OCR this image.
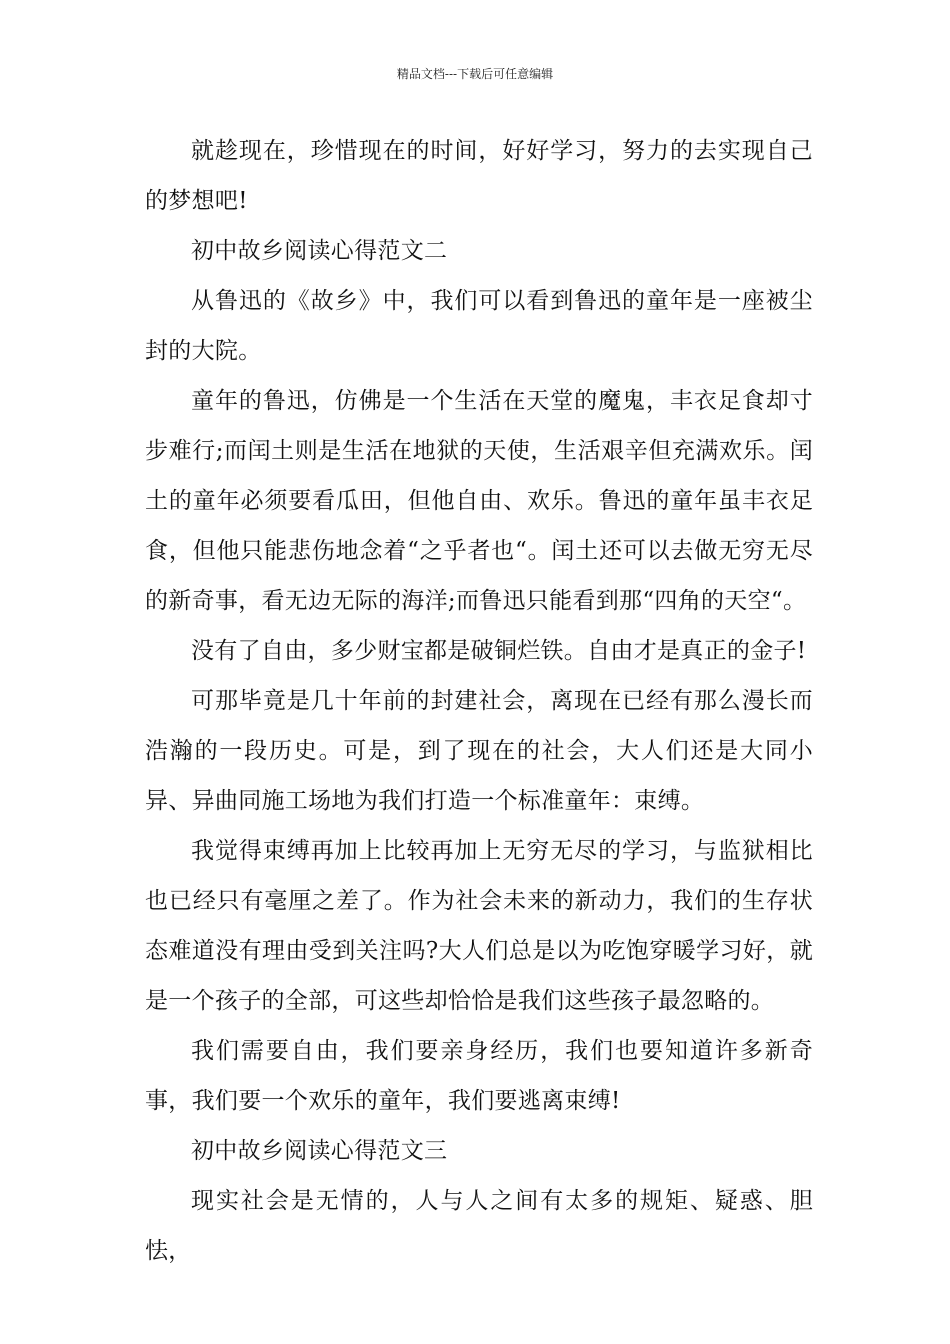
精品文档---下载后可任意编辑

就趁现在，珍惜现在的时间，好好学习，努力的去实现自己的梦想吧!

初中故乡阅读心得范文二

从鲁迅的《故乡》中，我们可以看到鲁迅的童年是一座被尘封的大院。

童年的鲁迅，仿佛是一个生活在天堂的魔鬼，丰衣足食却寸步难行;而闰土则是生活在地狱的天使，生活艰辛但充满欢乐。闰土的童年必须要看瓜田，但他自由、欢乐。鲁迅的童年虽丰衣足食，但他只能悲伤地念着“之乎者也“。闰土还可以去做无穷无尽的新奇事，看无边无际的海洋;而鲁迅只能看到那“四角的天空“。

没有了自由，多少财宝都是破铜烂铁。自由才是真正的金子!

可那毕竟是几十年前的封建社会，离现在已经有那么漫长而浩瀚的一段历史。可是，到了现在的社会，大人们还是大同小异、异曲同施工场地为我们打造一个标准童年：束缚。

我觉得束缚再加上比较再加上无穷无尽的学习，与监狱相比也已经只有毫厘之差了。作为社会未来的新动力，我们的生存状态难道没有理由受到关注吗?大人们总是以为吃饱穿暖学习好，就是一个孩子的全部，可这些却恰恰是我们这些孩子最忽略的。

我们需要自由，我们要亲身经历，我们也要知道许多新奇事，我们要一个欢乐的童年，我们要逃离束缚!

初中故乡阅读心得范文三

现实社会是无情的，人与人之间有太多的规矩、疑惑、胆怯，
